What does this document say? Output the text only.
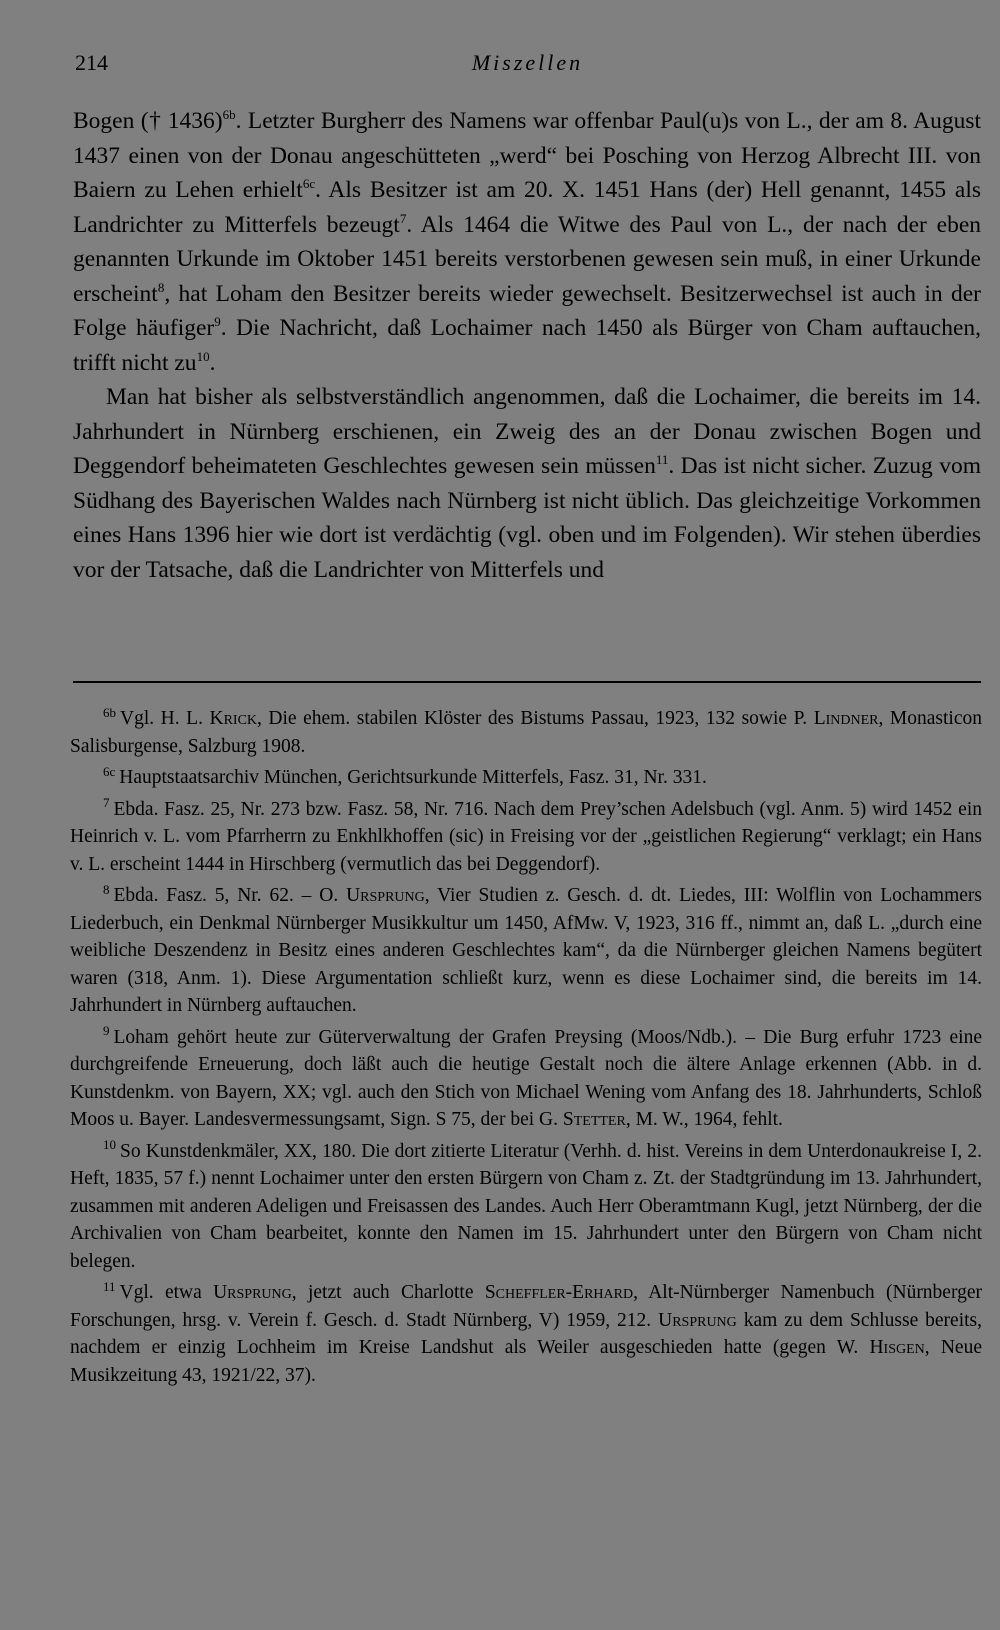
214	Miszellen

Bogen († 1436)$^{6b}$. Letzter Burgherr des Namens war offenbar Paul(u)s von L., der am 8. August 1437 einen von der Donau angeschütteten „werd“ bei Posching von Herzog Albrecht III. von Baiern zu Lehen erhielt$^{6c}$. Als Besitzer ist am 20. X. 1451 Hans (der) Hell genannt, 1455 als Landrichter zu Mitterfels bezeugt$^7$. Als 1464 die Witwe des Paul von L., der nach der eben genannten Urkunde im Oktober 1451 bereits verstorbenen gewesen sein muß, in einer Urkunde erscheint$^8$, hat Loham den Besitzer bereits wieder gewechselt. Besitzerwechsel ist auch in der Folge häufiger$^9$. Die Nachricht, daß Lochaimer nach 1450 als Bürger von Cham auftauchen, trifft nicht $zu^{10}$.

Man hat bisher als selbstverständlich angenommen, daß die Lochaimer, die bereits im 14. Jahrhundert in Nürnberg erschienen, ein Zweig des an der Donau zwischen Bogen und Deggendorf beheimateten Geschlechtes gewesen sein müssen$^{11}$. Das ist nicht sicher. Zuzug vom Südhang des Bayerischen Waldes nach Nürnberg ist nicht üblich. Das gleichzeitige Vorkommen eines Hans 1396 hier wie dort ist verdächtig (vgl. oben und im Folgenden). Wir stehen überdies vor der Tatsache, daß die Landrichter von Mitterfels und

$^{6b}$ Vgl. H. L. Krick, Die ehem. stabilen Klöster des Bistums Passau, 1923, 132 sowie P. Lindner, Monasticon Salisburgense, Salzburg 1908.

$^{6c}$ Hauptstaatsarchiv München, Gerichtsurkunde Mitterfels, Fasz. 31, Nr. 331.

$^7$ Ebda. Fasz. 25, Nr. 273 bzw. Fasz. 58, Nr. 716. Nach dem Prey’schen Adelsbuch (vgl. Anm. 5) wird 1452 ein Heinrich v. L. vom Pfarrherrn zu Enkhlkhoffen (sic) in Freising vor der „geistlichen Regierung“ verklagt; ein Hans v. L. erscheint 1444 in Hirschberg (vermutlich das bei Deggendorf).

$^8$ Ebda. Fasz. 5, Nr. 62. – O. Ursprung, Vier Studien z. Gesch. d. dt. Liedes, III: Wolflin von Lochammers Liederbuch, ein Denkmal Nürnberger Musikkultur um 1450, AfMw. V, 1923, 316 ff., nimmt an, daß L. „durch eine weibliche Deszendenz in Besitz eines anderen Geschlechtes kam“, da die Nürnberger gleichen Namens begütert waren (318, Anm. 1). Diese Argumentation schließt kurz, wenn es diese Lochaimer sind, die bereits im 14. Jahrhundert in Nürnberg auftauchen.

$^9$ Loham gehört heute zur Güterverwaltung der Grafen Preysing (Moos/Ndb.). – Die Burg erfuhr 1723 eine durchgreifende Erneuerung, doch läßt auch die heutige Gestalt noch die ältere Anlage erkennen (Abb. in d. Kunstdenkm. von Bayern, XX; vgl. auch den Stich von Michael Wening vom Anfang des 18. Jahrhunderts, Schloß Moos u. Bayer. Landesvermessungsamt, Sign. S 75, der bei G. Stetter, M. W., 1964, fehlt.

$^{10}$ So Kunstdenkmäler, XX, 180. Die dort zitierte Literatur (Verhh. d. hist. Vereins in dem Unterdonaukreise I, 2. Heft, 1835, 57 f.) nennt Lochaimer unter den ersten Bürgern von Cham z. Zt. der Stadtgründung im 13. Jahrhundert, zusammen mit anderen Adeligen und Freisassen des Landes. Auch Herr Oberamtmann Kugl, jetzt Nürnberg, der die Archivalien von Cham bearbeitet, konnte den Namen im 15. Jahrhundert unter den Bürgern von Cham nicht belegen.

$^{11}$ Vgl. etwa Ursprung, jetzt auch Charlotte Scheffler-Erhard, Alt-Nürnberger Namenbuch (Nürnberger Forschungen, hrsg. v. Verein f. Gesch. d. Stadt Nürnberg, V) 1959, 212. Ursprung kam zu dem Schlusse bereits, nachdem er einzig Lochheim im Kreise Landshut als Weiler ausgeschieden hatte (gegen W. Hisgen, Neue Musikzeitung 43, 1921/22, 37).
